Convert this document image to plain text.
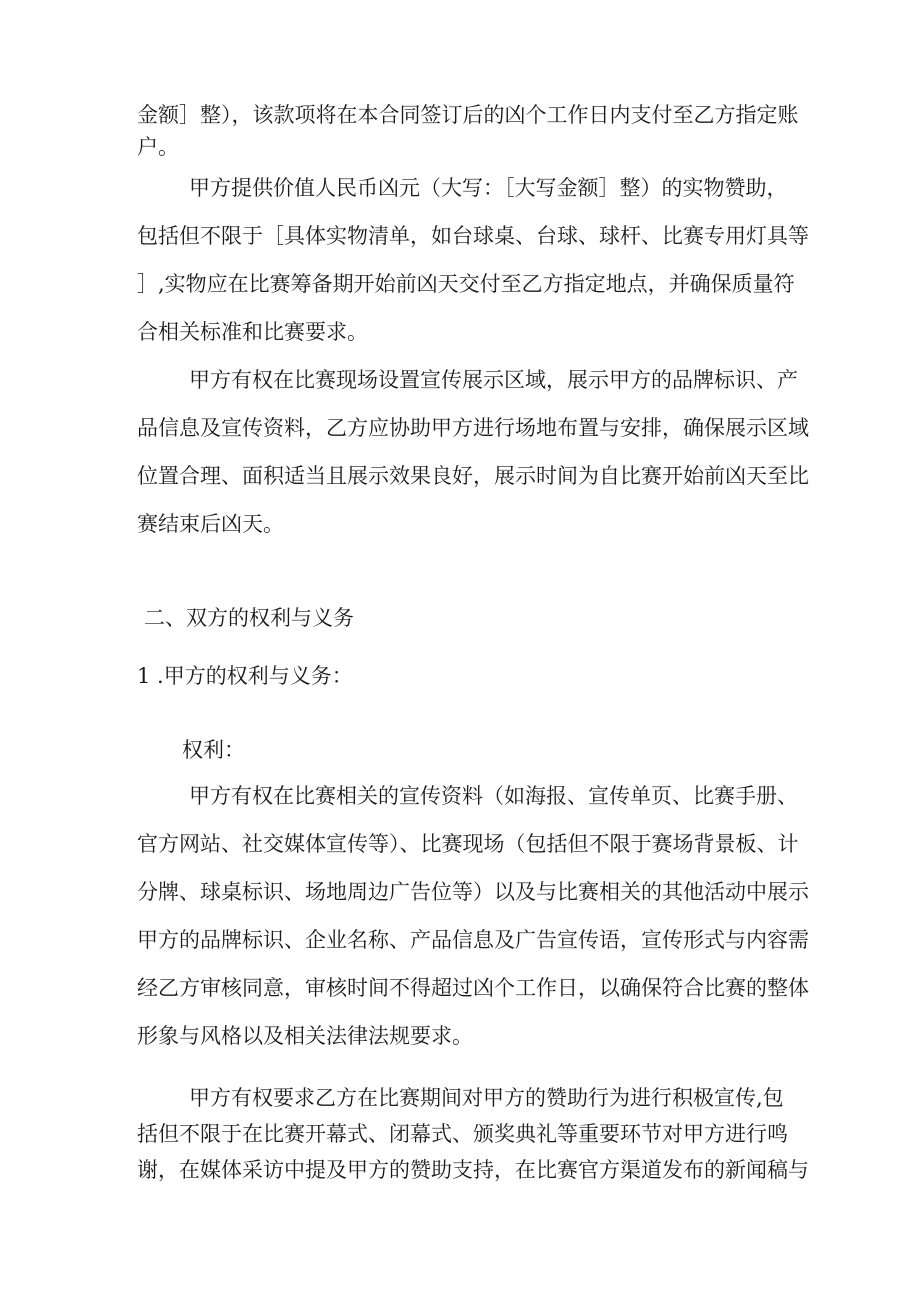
金额］整），该款项将在本合同签订后的凶个工作日内支付至乙方指定账
户。
甲方提供价值人民币凶元（大写：［大写金额］整）的实物赞助，
包括但不限于［具体实物清单，如台球桌、台球、球杆、比赛专用灯具等
］,实物应在比赛筹备期开始前凶天交付至乙方指定地点，并确保质量符
合相关标准和比赛要求。
甲方有权在比赛现场设置宣传展示区域，展示甲方的品牌标识、产
品信息及宣传资料，乙方应协助甲方进行场地布置与安排，确保展示区域
位置合理、面积适当且展示效果良好，展示时间为自比赛开始前凶天至比
赛结束后凶天。
二、双方的权利与义务
1 .甲方的权利与义务：
权利：
甲方有权在比赛相关的宣传资料（如海报、宣传单页、比赛手册、
官方网站、社交媒体宣传等）、比赛现场（包括但不限于赛场背景板、计
分牌、球桌标识、场地周边广告位等）以及与比赛相关的其他活动中展示
甲方的品牌标识、企业名称、产品信息及广告宣传语，宣传形式与内容需
经乙方审核同意，审核时间不得超过凶个工作日，以确保符合比赛的整体
形象与风格以及相关法律法规要求。
甲方有权要求乙方在比赛期间对甲方的赞助行为进行积极宣传,包
括但不限于在比赛开幕式、闭幕式、颁奖典礼等重要环节对甲方进行鸣
谢，在媒体采访中提及甲方的赞助支持，在比赛官方渠道发布的新闻稿与
